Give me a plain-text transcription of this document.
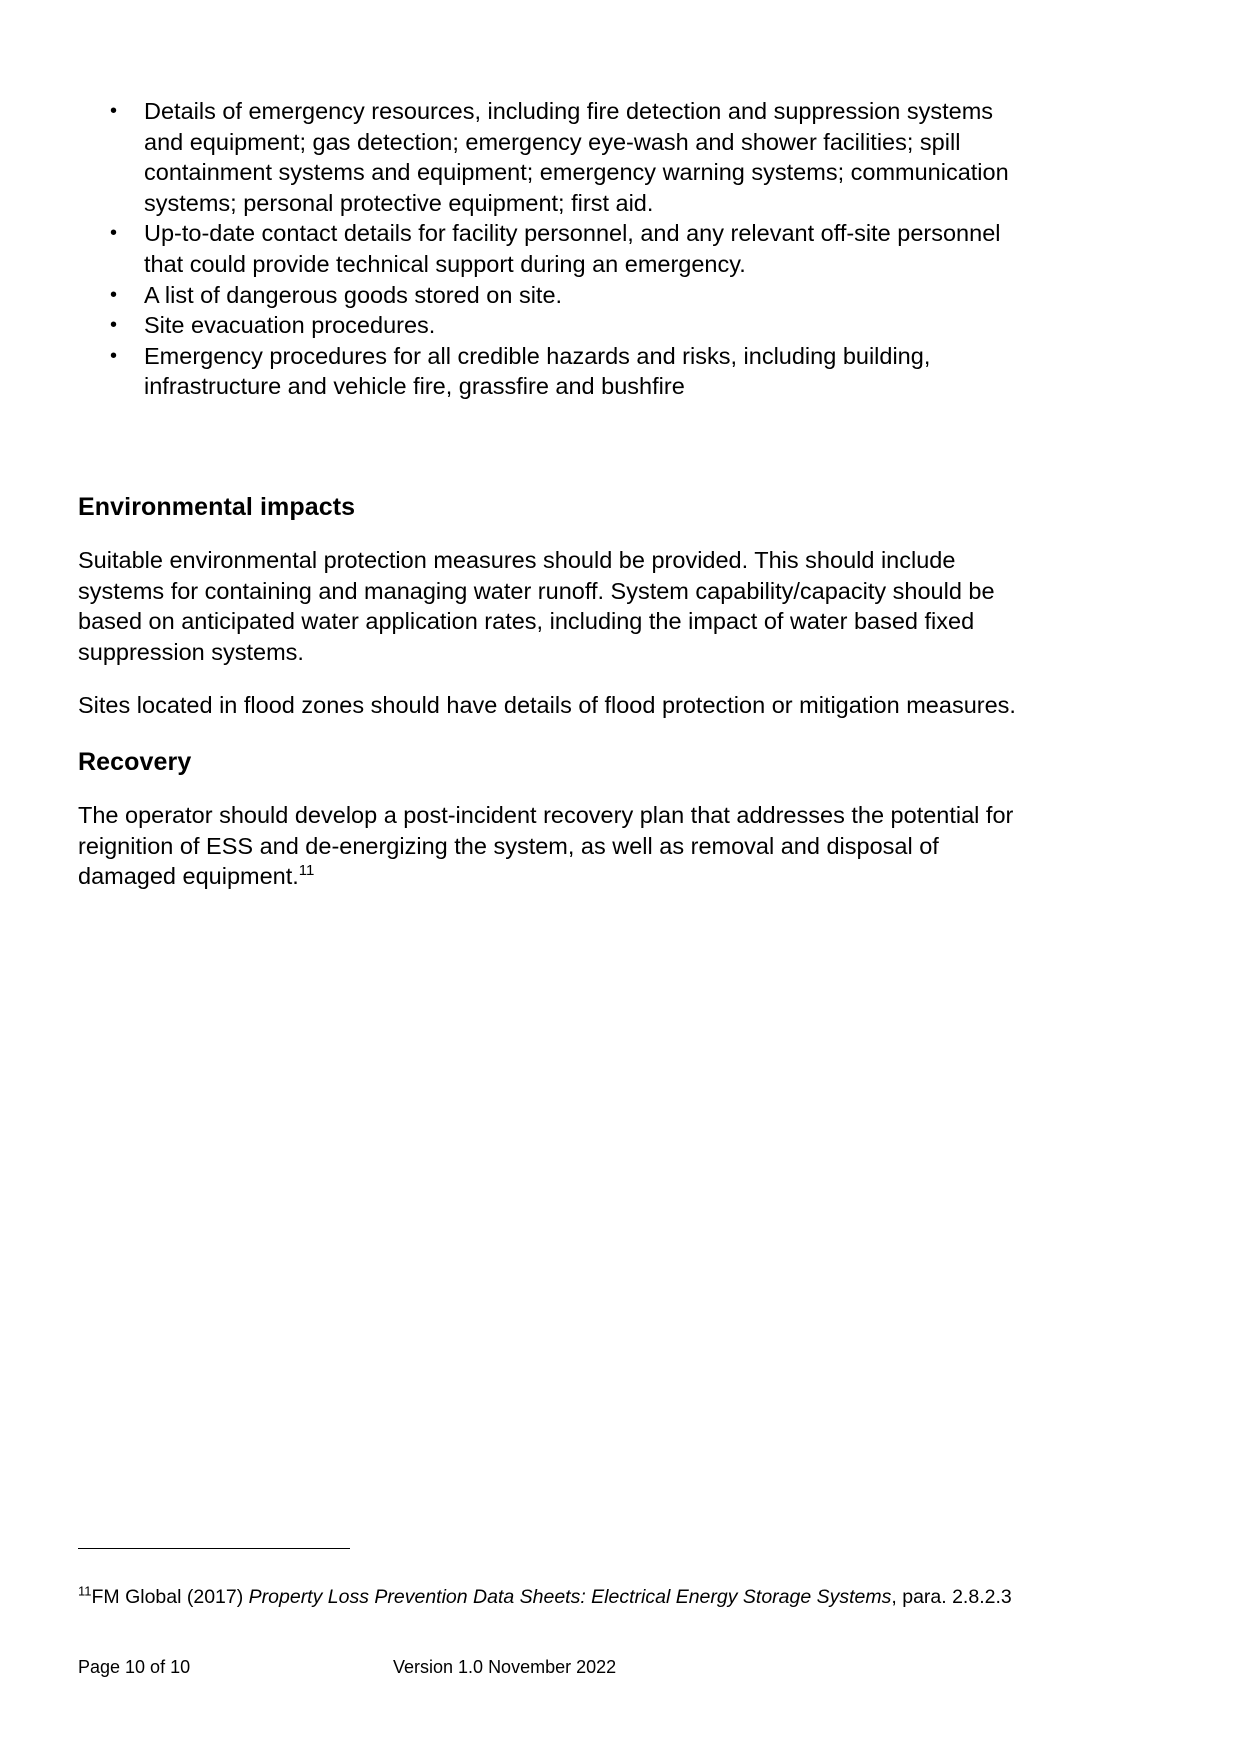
• Details of emergency resources, including fire detection and suppression systems and equipment; gas detection; emergency eye-wash and shower facilities; spill containment systems and equipment; emergency warning systems; communication systems; personal protective equipment; first aid.
• Up-to-date contact details for facility personnel, and any relevant off-site personnel that could provide technical support during an emergency.
• A list of dangerous goods stored on site.
• Site evacuation procedures.
• Emergency procedures for all credible hazards and risks, including building, infrastructure and vehicle fire, grassfire and bushfire
Environmental impacts

Suitable environmental protection measures should be provided. This should include systems for containing and managing water runoff. System capability/capacity should be based on anticipated water application rates, including the impact of water based fixed suppression systems.

Sites located in flood zones should have details of flood protection or mitigation measures.

Recovery

The operator should develop a post-incident recovery plan that addresses the potential for reignition of ESS and de-energizing the system, as well as removal and disposal of damaged equipment.$^{11}$

$^{11}$FM Global (2017) Property Loss Prevention Data Sheets: Electrical Energy Storage Systems, para. 2.8.2.3

Page 10 of 10	Version 1.0 November 2022
